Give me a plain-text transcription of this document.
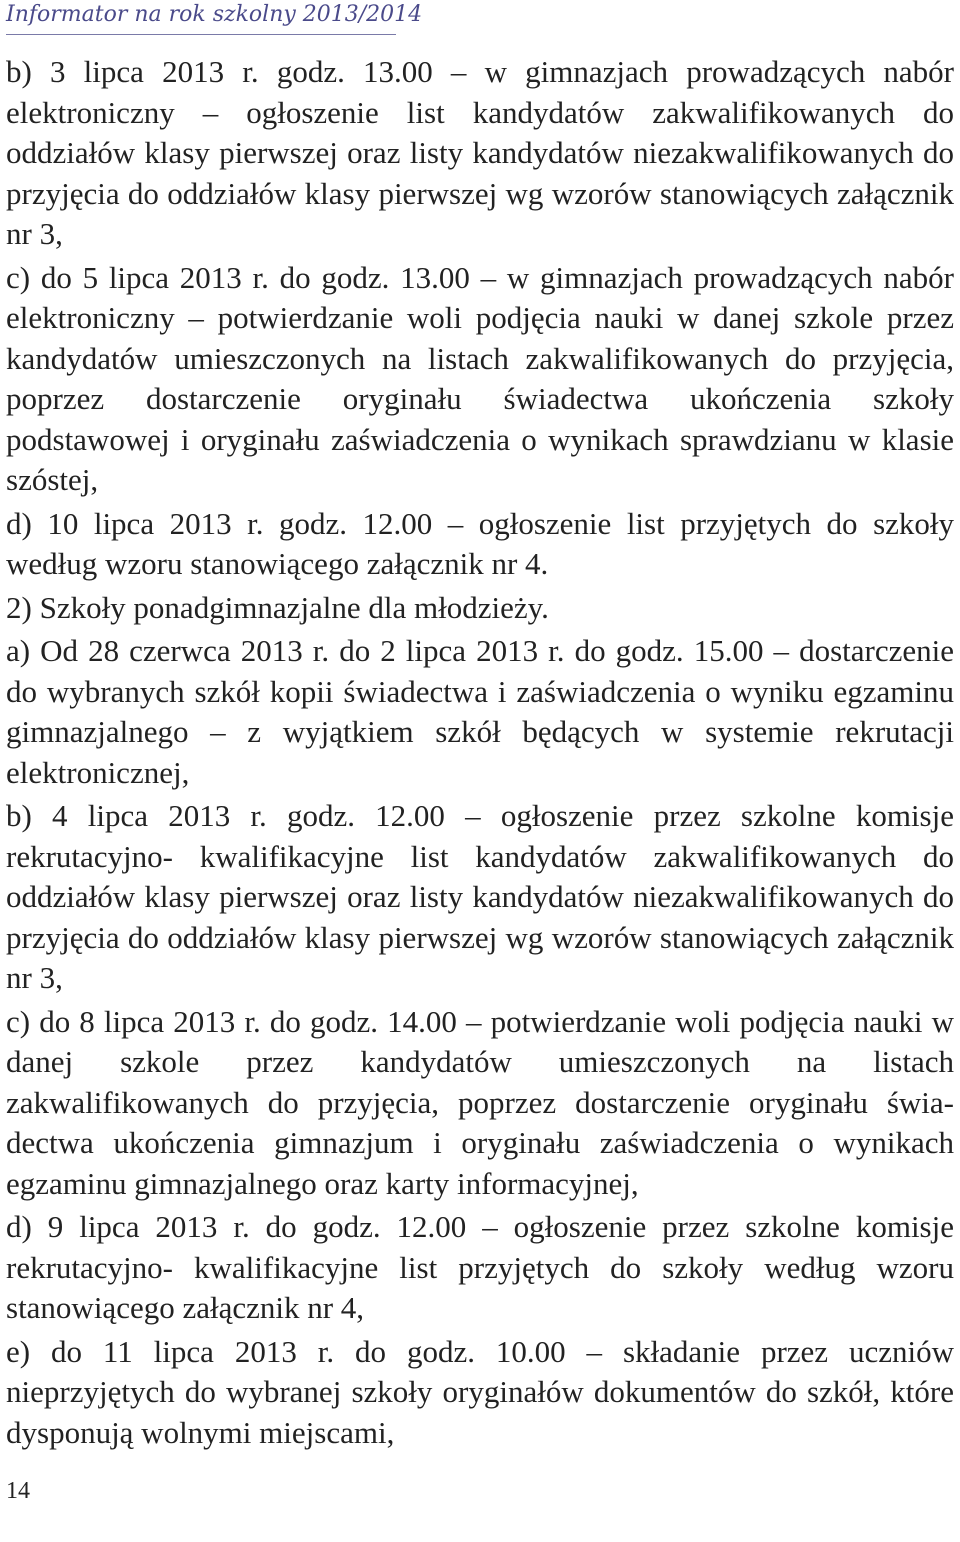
Informator na rok szkolny 2013/2014

b) 3 lipca 2013 r. godz. 13.00 – w gimnazjach prowadzących nabór elektroniczny – ogłoszenie list kandydatów zakwalifikowanych do oddziałów klasy pierwszej oraz listy kandydatów niezakwalifikowanych do przyjęcia do oddziałów klasy pierwszej wg wzorów stanowiących załącznik nr 3,

c) do 5 lipca 2013 r. do godz. 13.00 – w gimnazjach prowadzących nabór elektroniczny – potwierdzanie woli podjęcia nauki w danej szkole przez kandydatów umieszczonych na listach zakwalifikowanych do przyjęcia, poprzez dostarczenie oryginału świadectwa ukończenia szkoły podstawowej i oryginału zaświadczenia o wynikach sprawdzianu w klasie szóstej,

d) 10 lipca 2013 r. godz. 12.00 – ogłoszenie list przyjętych do szkoły według wzoru stanowiącego załącznik nr 4.

2) Szkoły ponadgimnazjalne dla młodzieży.

a) Od 28 czerwca 2013 r. do 2 lipca 2013 r. do godz. 15.00 – dostarczenie do wybranych szkół kopii świadectwa i zaświadczenia o wyniku egzaminu gimnazjalnego – z wyjątkiem szkół będących w systemie rekrutacji elektronicznej,

b) 4 lipca 2013 r. godz. 12.00 – ogłoszenie przez szkolne komisje rekrutacyjno- kwalifikacyjne list kandydatów zakwalifikowanych do oddziałów klasy pierwszej oraz listy kandydatów niezakwalifikowanych do przyjęcia do oddziałów klasy pierwszej wg wzorów stanowiących załącznik nr 3,

c) do 8 lipca 2013 r. do godz. 14.00 – potwierdzanie woli podjęcia nauki w danej szkole przez kandydatów umieszczonych na listach zakwalifikowanych do przyjęcia, poprzez dostarczenie oryginału świadectwa ukończenia gimnazjum i oryginału zaświadczenia o wynikach egzaminu gimnazjalnego oraz karty informacyjnej,

d) 9 lipca 2013 r. do godz. 12.00 – ogłoszenie przez szkolne komisje rekrutacyjno- kwalifikacyjne list przyjętych do szkoły według wzoru stanowiącego załącznik nr 4,

e) do 11 lipca 2013 r. do godz. 10.00 – składanie przez uczniów nieprzyjętych do wybranej szkoły oryginałów dokumentów do szkół, które dysponują wolnymi miejscami,

14
